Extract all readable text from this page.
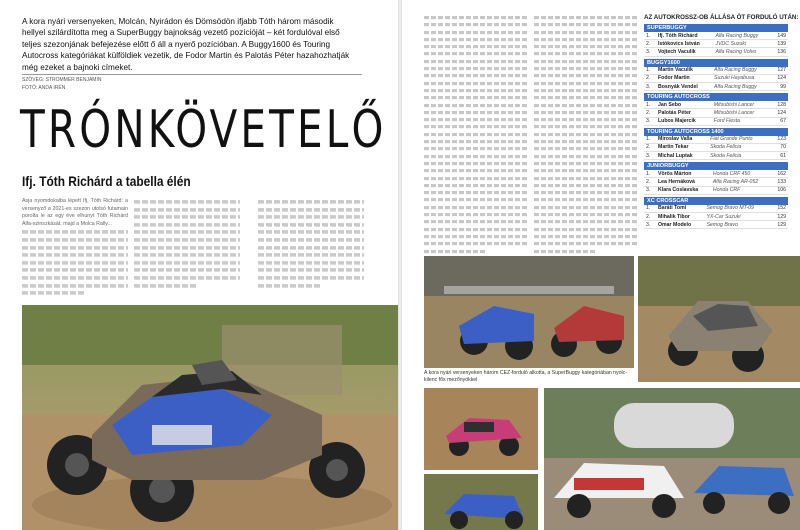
A kora nyári versenyeken, Molcán, Nyirádon és Dömsödön ifjabb Tóth három második hellyel szilárdította meg a SuperBuggy bajnokság vezető pozícióját – két fordulóval első teljes szezonjának befejezése előtt ő áll a nyerő pozícióban. A Buggy1600 és Touring Autocross kategóriákat külföldiek vezetik, de Fodor Martin és Palotás Péter hazahozhatják még ezeket a bajnoki címeket.
SZÖVEG: STROMMER BENJAMIN
FOTÓ: ANDA IRÉN
TRÓNKÖVETELŐ
Ifj. Tóth Richárd a tabella élén
Asja nyomdokaiba lépett Ifj. Tóth Richárd: a versenyző a 2021-es szezon utolsó futamain porolta le az egy éve elhunyt Tóth Richárd Alfa-szinszkását, majd a Molca Rally...
AZ AUTOKROSSZ-OB ÁLLÁSA ÖT FORDULÓ UTÁN:
SUPERBUGGY
1.	Ifj. Tóth Richárd	Alfa Racing Buggy	149
2.	Istókovics István	JVDC Suzuki	139
3.	Vojtech Vaculík	Alfa Racing Volvo	136
BUGGY1600
1.	Martin Vaculík	Alfa Racing Buggy	127
2.	Fodor Martin	Suzuki Hayabusa	124
3.	Bosnyák Vendel	Alfa Racing Buggy	99
TOURING AUTOCROSS
1.	Jan Sebo	Mitsubishi Lancer	128
2.	Palotás Péter	Mitsubishi Lancer	124
3.	Lubos Majercik	Ford Fiesta	67
TOURING AUTOCROSS 1400
1.	Miroslav Valla	Fiat Grande Punto	123
2.	Martin Tekar	Skoda Felicia	70
3.	Michal Luptak	Skoda Felicia	61
JUNIORBUGGY
1.	Vörös Márton	Honda CRF 450	162
2.	Lea Hernáková	Alfa Racing AR-052	133
3.	Klara Coslavska	Honda CRF	106
XC CROSSCAR
1.	Baráti Tomi	Semog Bravo MT-09	152
2.	Mihalik Tibor	YX-Car Suzuki	129
3.	Omar Modelo	Semog Bravo	129
A kora nyári versenyeken három CEZ-forduló alkotta, a SuperBuggy kategóriában nyolc-kilenc fős mezőnyökkel
